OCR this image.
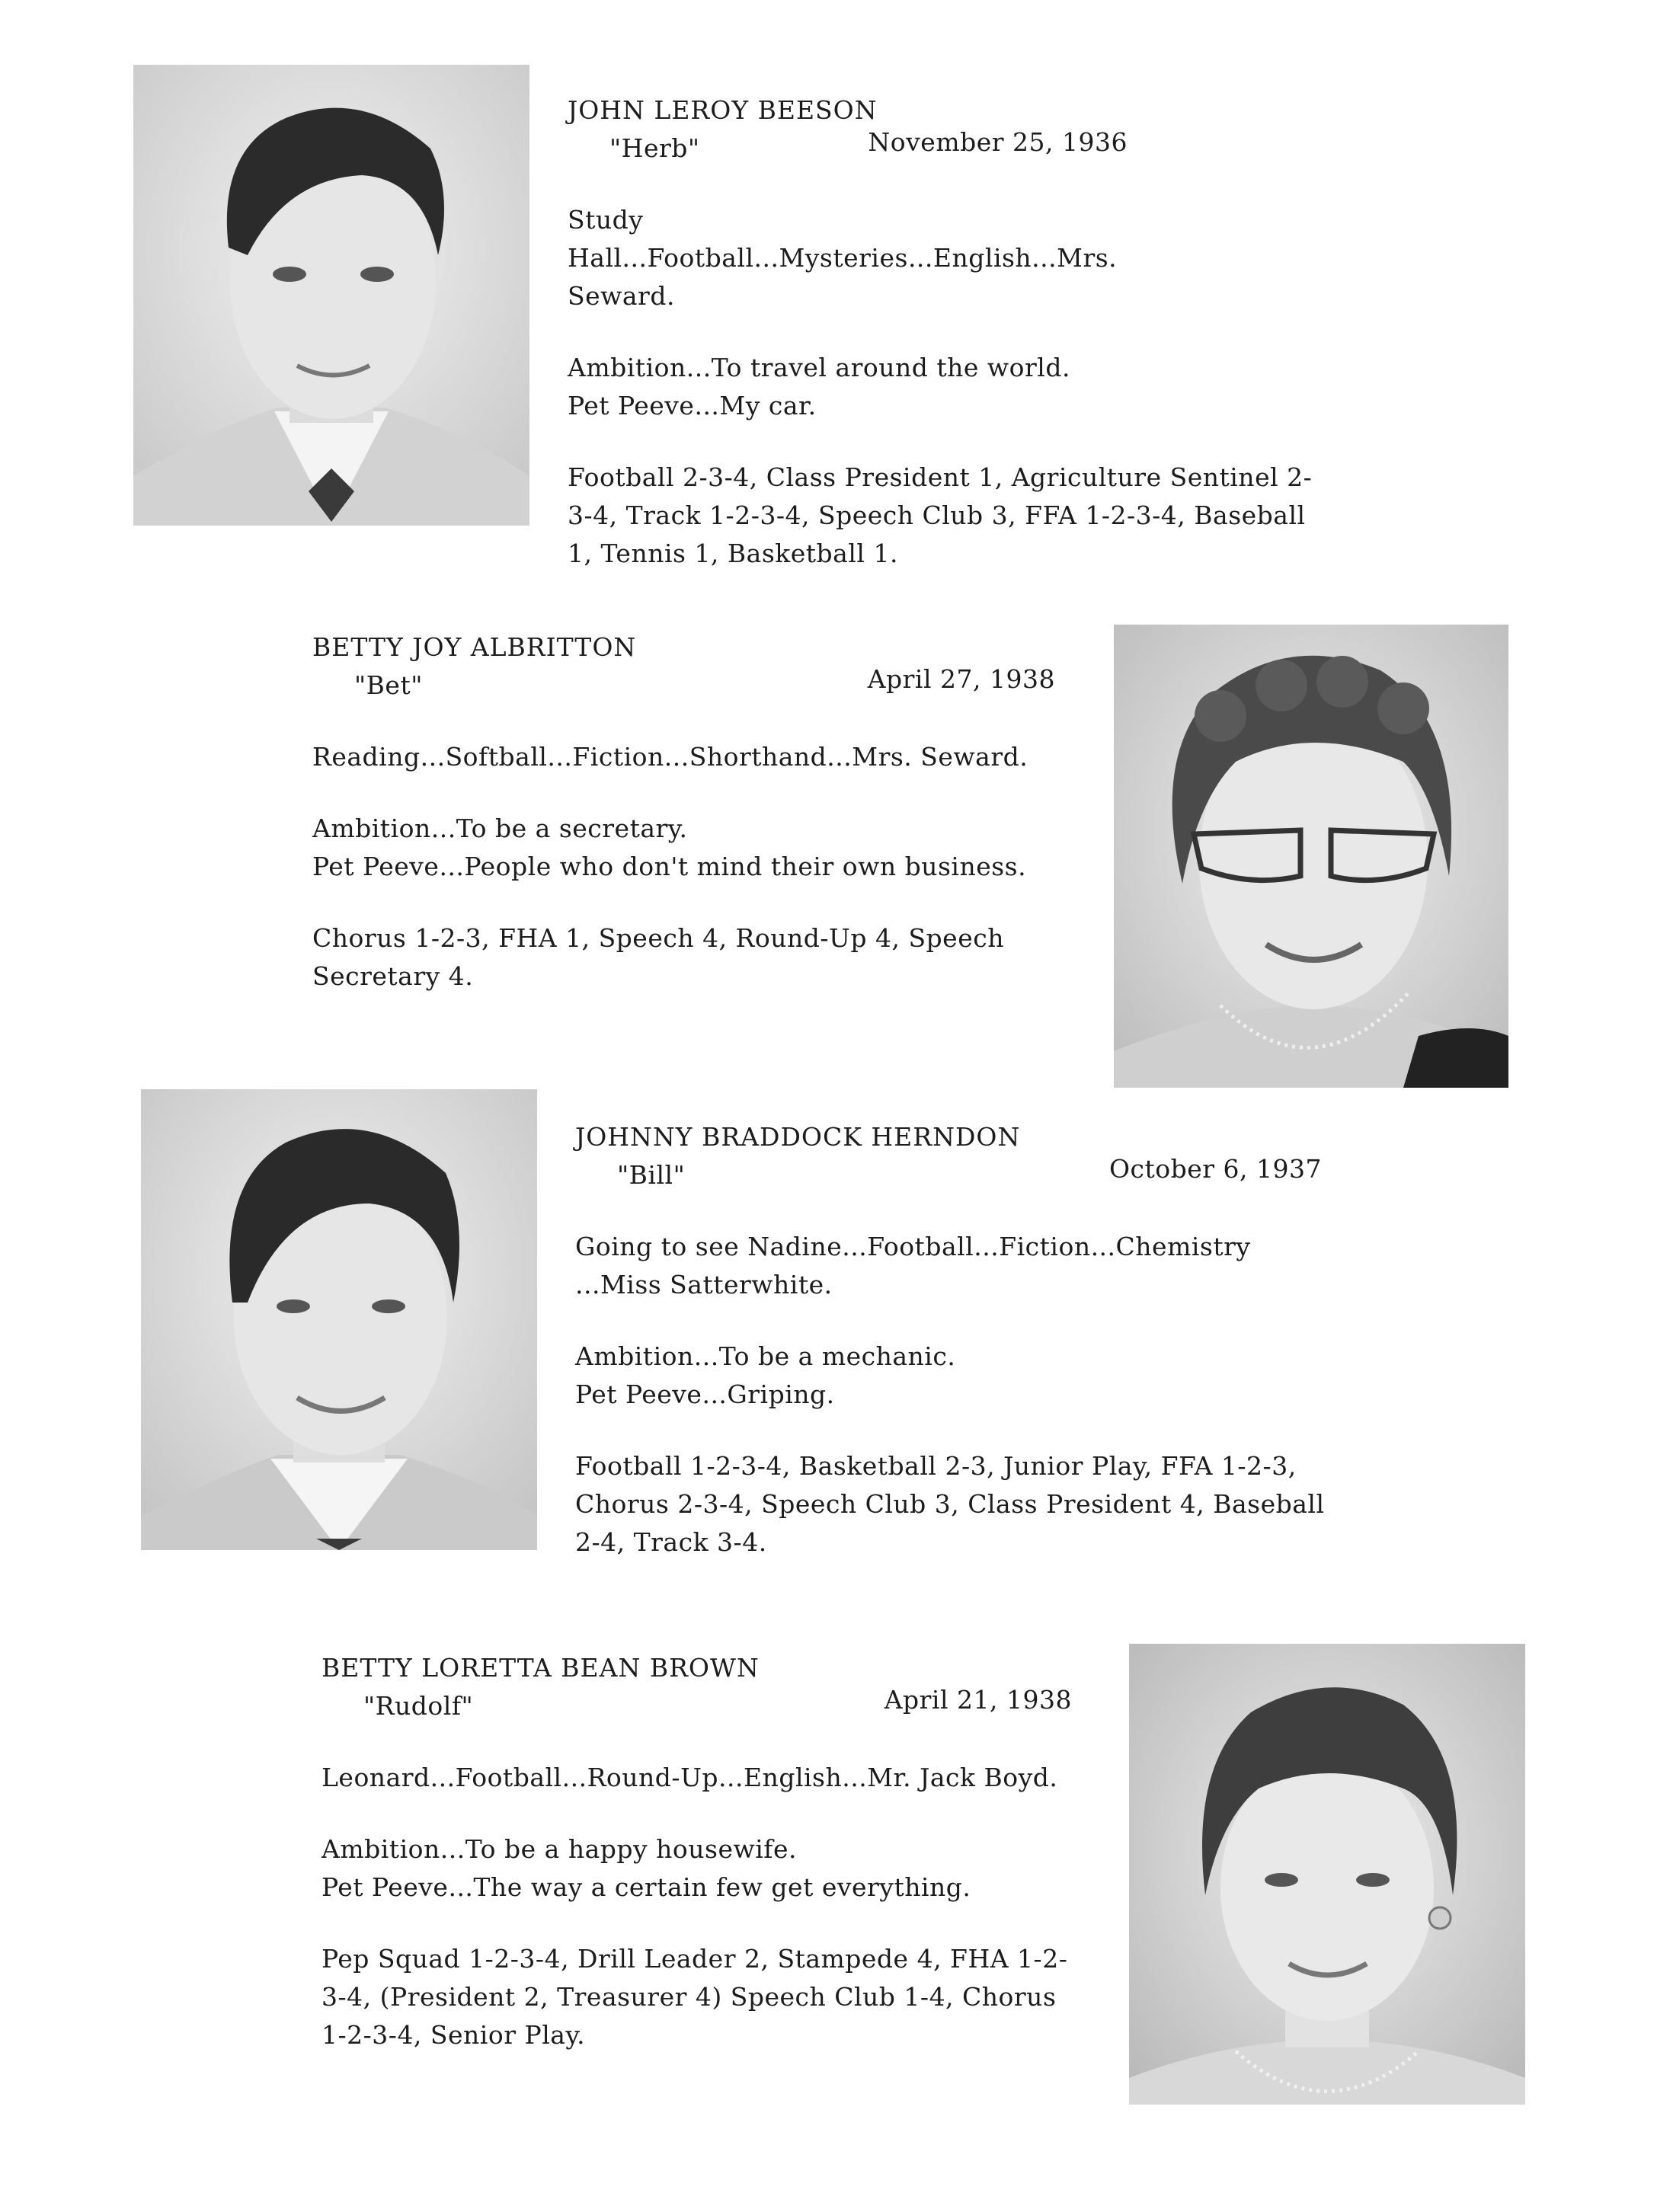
JOHN LEROY BEESON
"Herb"	November 25, 1936

Study Hall...Football...Mysteries...English...Mrs. Seward.

Ambition...To travel around the world.

Pet Peeve...My car.

Football 2-3-4, Class President 1, Agriculture Sentinel 2-3-4, Track 1-2-3-4, Speech Club 3, FFA 1-2-3-4, Baseball 1, Tennis 1, Basketball 1.

BETTY JOY ALBRITTON
"Bet"	April 27, 1938

Reading...Softball...Fiction...Shorthand...Mrs. Seward.

Ambition...To be a secretary.

Pet Peeve...People who don't mind their own business.

Chorus 1-2-3, FHA 1, Speech 4, Round-Up 4, Speech Secretary 4.

JOHNNY BRADDOCK HERNDON
"Bill"	October 6, 1937

Going to see Nadine...Football...Fiction...Chemistry ...Miss Satterwhite.

Ambition...To be a mechanic.

Pet Peeve...Griping.

Football 1-2-3-4, Basketball 2-3, Junior Play, FFA 1-2-3, Chorus 2-3-4, Speech Club 3, Class President 4, Baseball 2-4, Track 3-4.

BETTY LORETTA BEAN BROWN
"Rudolf"	April 21, 1938

Leonard...Football...Round-Up...English...Mr. Jack Boyd.

Ambition...To be a happy housewife.

Pet Peeve...The way a certain few get everything.

Pep Squad 1-2-3-4, Drill Leader 2, Stampede 4, FHA 1-2-3-4, (President 2, Treasurer 4) Speech Club 1-4, Chorus 1-2-3-4, Senior Play.
